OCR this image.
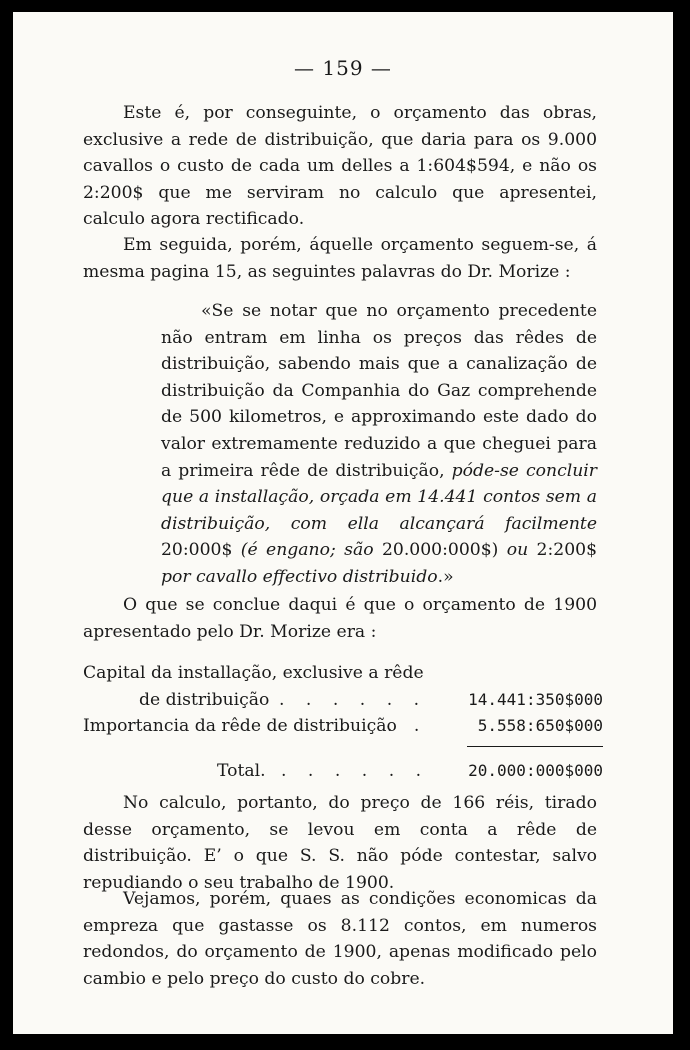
— 159 —

Este é, por conseguinte, o orçamento das obras, exclusive a rede de distribuição, que daria para os 9.000 cavallos o custo de cada um delles a 1:604$594, e não os 2:200$ que me serviram no calculo que apresentei, calculo agora rectificado.

Em seguida, porém, áquelle orçamento seguem-se, á mesma pagina 15, as seguintes palavras do Dr. Morize :

«Se se notar que no orçamento precedente não entram em linha os preços das rêdes de distribuição, sabendo mais que a canalização de distribuição da Companhia do Gaz comprehende de 500 kilometros, e approximando este dado do valor extremamente reduzido a que cheguei para a primeira rêde de distribuição, póde-se concluir que a installação, orçada em 14.441 contos sem a distribuição, com ella alcançará facilmente 20:000$ (é engano; são 20.000:000$) ou 2:200$ por cavallo effectivo distribuido.»

O que se conclue daqui é que o orçamento de 1900 apresentado pelo Dr. Morize era :

Capital da installação, exclusive a rêde
de distribuição . . . . . .	14.441:350$000
Importancia da rêde de distribuição
. .	5.558:650$000
Total. . . . . . . 20.000:000$000

No calculo, portanto, do preço de 166 réis, tirado desse orçamento, se levou em conta a rêde de distribuição. E’ o que S. S. não póde contestar, salvo repudiando o seu trabalho de 1900.

Vejamos, porém, quaes as condições economicas da empreza que gastasse os 8.112 contos, em numeros redondos, do orçamento de 1900, apenas modificado pelo cambio e pelo preço do custo do cobre.
